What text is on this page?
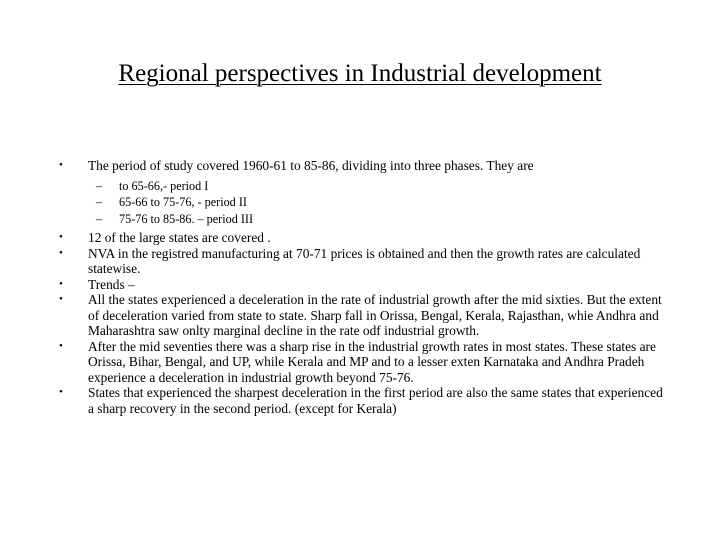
Regional perspectives in Industrial development
• The period of study covered 1960-61 to 85-86, dividing into three phases. They are
– to 65-66,- period I
– 65-66 to 75-76, - period II
– 75-76 to 85-86. – period III
• 12 of the large states are covered .
• NVA in the registred manufacturing at 70-71 prices is obtained and then the growth rates are calculated statewise.
• Trends –
• All the states experienced a deceleration in the rate of industrial growth after the mid sixties. But the extent of deceleration varied from state to state. Sharp fall in Orissa, Bengal, Kerala, Rajasthan, whie Andhra and Maharashtra saw onlty marginal decline in the rate odf industrial growth.
• After the mid seventies there was a sharp rise in the industrial growth rates in most states. These states are Orissa, Bihar, Bengal, and UP, while Kerala and MP and to a lesser exten Karnataka and Andhra Pradeh experience a deceleration in industrial growth beyond 75-76.
• States that experienced the sharpest deceleration in the first period are also the same states that experienced a sharp recovery in the second period. (except for Kerala)
